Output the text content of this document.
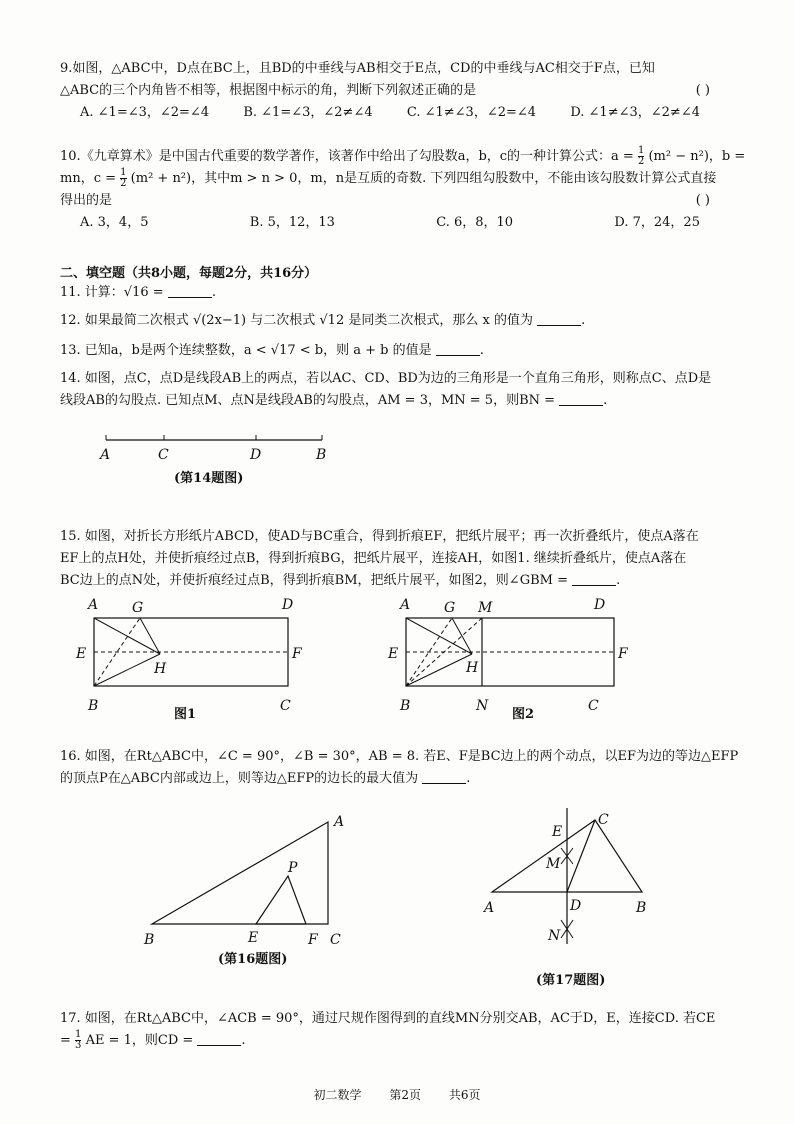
9.如图，△ABC中，D点在BC上，且BD的中垂线与AB相交于E点，CD的中垂线与AC相交于F点，已知
△ABC的三个内角皆不相等，根据图中标示的角，判断下列叙述正确的是	( )
A. ∠1=∠3，∠2=∠4	B. ∠1=∠3，∠2≠∠4	C. ∠1≠∠3，∠2=∠4	D. ∠1≠∠3，∠2≠∠4
10.《九章算术》是中国古代重要的数学著作，该著作中给出了勾股数a，b，c的一种计算公式：$a = \frac{1}{2} (m^2 - n^2)$，b =
mn，$c = \frac{1}{2} (m^2 + n^2)$，其中m > n > 0，m，n是互质的奇数. 下列四组勾股数中，不能由该勾股数计算公式直接
得出的是	( )
A. 3，4，5	B. 5，12，13	C. 6，8，10	D. 7，24，25
二、填空题（共8小题，每题2分，共16分）
11. 计算：√16 =	.
12. 如果最简二次根式 √(2x−1) 与二次根式 √12 是同类二次根式，那么 x 的值为	.
13. 已知a，b是两个连续整数，a < √17 < b，则 a + b 的值是	.
14. 如图，点C，点D是线段AB上的两点，若以AC、CD、BD为边的三角形是一个直角三角形，则称点C、点D是
线段AB的勾股点. 已知点M、点N是线段AB的勾股点，AM = 3，MN = 5，则BN =	.
A	C	D	B
(第14题图)
15. 如图，对折长方形纸片ABCD，使AD与BC重合，得到折痕EF，把纸片展平；再一次折叠纸片，使点A落在
EF上的点H处，并使折痕经过点B，得到折痕BG，把纸片展平，连接AH，如图1. 继续折叠纸片，使点A落在
BC边上的点N处，并使折痕经过点B，得到折痕BM，把纸片展平，如图2，则∠GBM =	.
A G	D
E	F
H
B	C
图1
A G M	D
E	F
H
B	N	C
图2
16. 如图，在Rt△ABC中，∠C = 90°，∠B = 30°，AB = 8. 若E、F是BC边上的两个动点，以EF为边的等边△EFP
的顶点P在△ABC内部或边上，则等边△EFP的边长的最大值为	.
B
A
C
E	F
P
(第16题图)
E
C
M
A	D	B
N
(第17题图)
17. 如图，在Rt△ABC中，∠ACB = 90°，通过尺规作图得到的直线MN分别交AB，AC于D，E，连接CD. 若CE
= $\frac{1}{3}$ AE = 1，则CD =	.
初二数学 第2页 共6页
